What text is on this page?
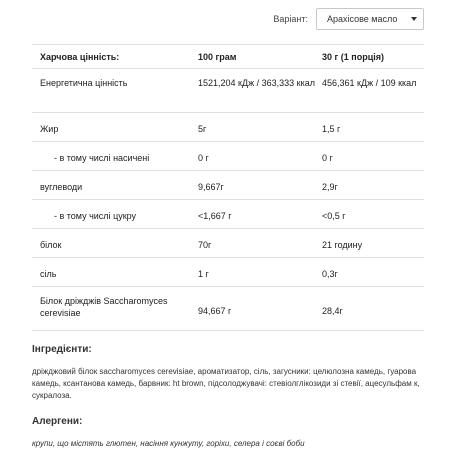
Варіант: Арахісове масло
Харчова цінність:	100 грам	30 г (1 порція)
Енергетична цінність	1521,204 кДж / 363,333 ккал	456,361 кДж / 109 ккал
Жир	5г	1,5 г
- в тому числі насичені	0 г	0 г
вуглеводи	9,667г	2,9г
- в тому числі цукру	<1,667 г	<0,5 г
білок	70г	21 годину
сіль	1 г	0,3г
Білок дріжджів Saccharomyces cerevisiae	94,667 г	28,4г
Інгредієнти:
дріжджовий білок saccharomyces cerevisiae, ароматизатор, сіль, загусники: целюлозна камедь, гуарова камедь, ксантанова камедь, барвник: ht brown, підсолоджувачі: стевіолглікозиди зі стевії, ацесульфам к, сукралоза.
Алергени:
крупи, що містять глютен, насіння кунжуту, горіхи, селера і соєві боби
